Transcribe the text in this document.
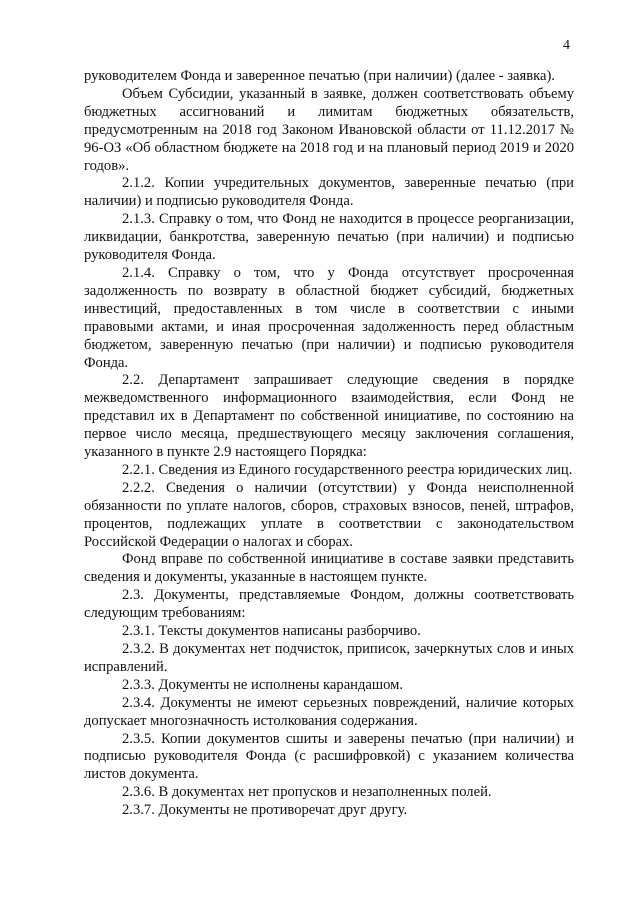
4

руководителем Фонда и заверенное печатью (при наличии) (далее - заявка).

Объем Субсидии, указанный в заявке, должен соответствовать объему бюджетных ассигнований и лимитам бюджетных обязательств, предусмотренным на 2018 год Законом Ивановской области от 11.12.2017 № 96-ОЗ «Об областном бюджете на 2018 год и на плановый период 2019 и 2020 годов».

2.1.2. Копии учредительных документов, заверенные печатью (при наличии) и подписью руководителя Фонда.

2.1.3. Справку о том, что Фонд не находится в процессе реорганизации, ликвидации, банкротства, заверенную печатью (при наличии) и подписью руководителя Фонда.

2.1.4. Справку о том, что у Фонда отсутствует просроченная задолженность по возврату в областной бюджет субсидий, бюджетных инвестиций, предоставленных в том числе в соответствии с иными правовыми актами, и иная просроченная задолженность перед областным бюджетом, заверенную печатью (при наличии) и подписью руководителя Фонда.

2.2. Департамент запрашивает следующие сведения в порядке межведомственного информационного взаимодействия, если Фонд не представил их в Департамент по собственной инициативе, по состоянию на первое число месяца, предшествующего месяцу заключения соглашения, указанного в пункте 2.9 настоящего Порядка:

2.2.1. Сведения из Единого государственного реестра юридических лиц.

2.2.2. Сведения о наличии (отсутствии) у Фонда неисполненной обязанности по уплате налогов, сборов, страховых взносов, пеней, штрафов, процентов, подлежащих уплате в соответствии с законодательством Российской Федерации о налогах и сборах.

Фонд вправе по собственной инициативе в составе заявки представить сведения и документы, указанные в настоящем пункте.

2.3. Документы, представляемые Фондом, должны соответствовать следующим требованиям:

2.3.1. Тексты документов написаны разборчиво.

2.3.2. В документах нет подчисток, приписок, зачеркнутых слов и иных исправлений.

2.3.3. Документы не исполнены карандашом.

2.3.4. Документы не имеют серьезных повреждений, наличие которых допускает многозначность истолкования содержания.

2.3.5. Копии документов сшиты и заверены печатью (при наличии) и подписью руководителя Фонда (с расшифровкой) с указанием количества листов документа.

2.3.6. В документах нет пропусков и незаполненных полей.

2.3.7. Документы не противоречат друг другу.
